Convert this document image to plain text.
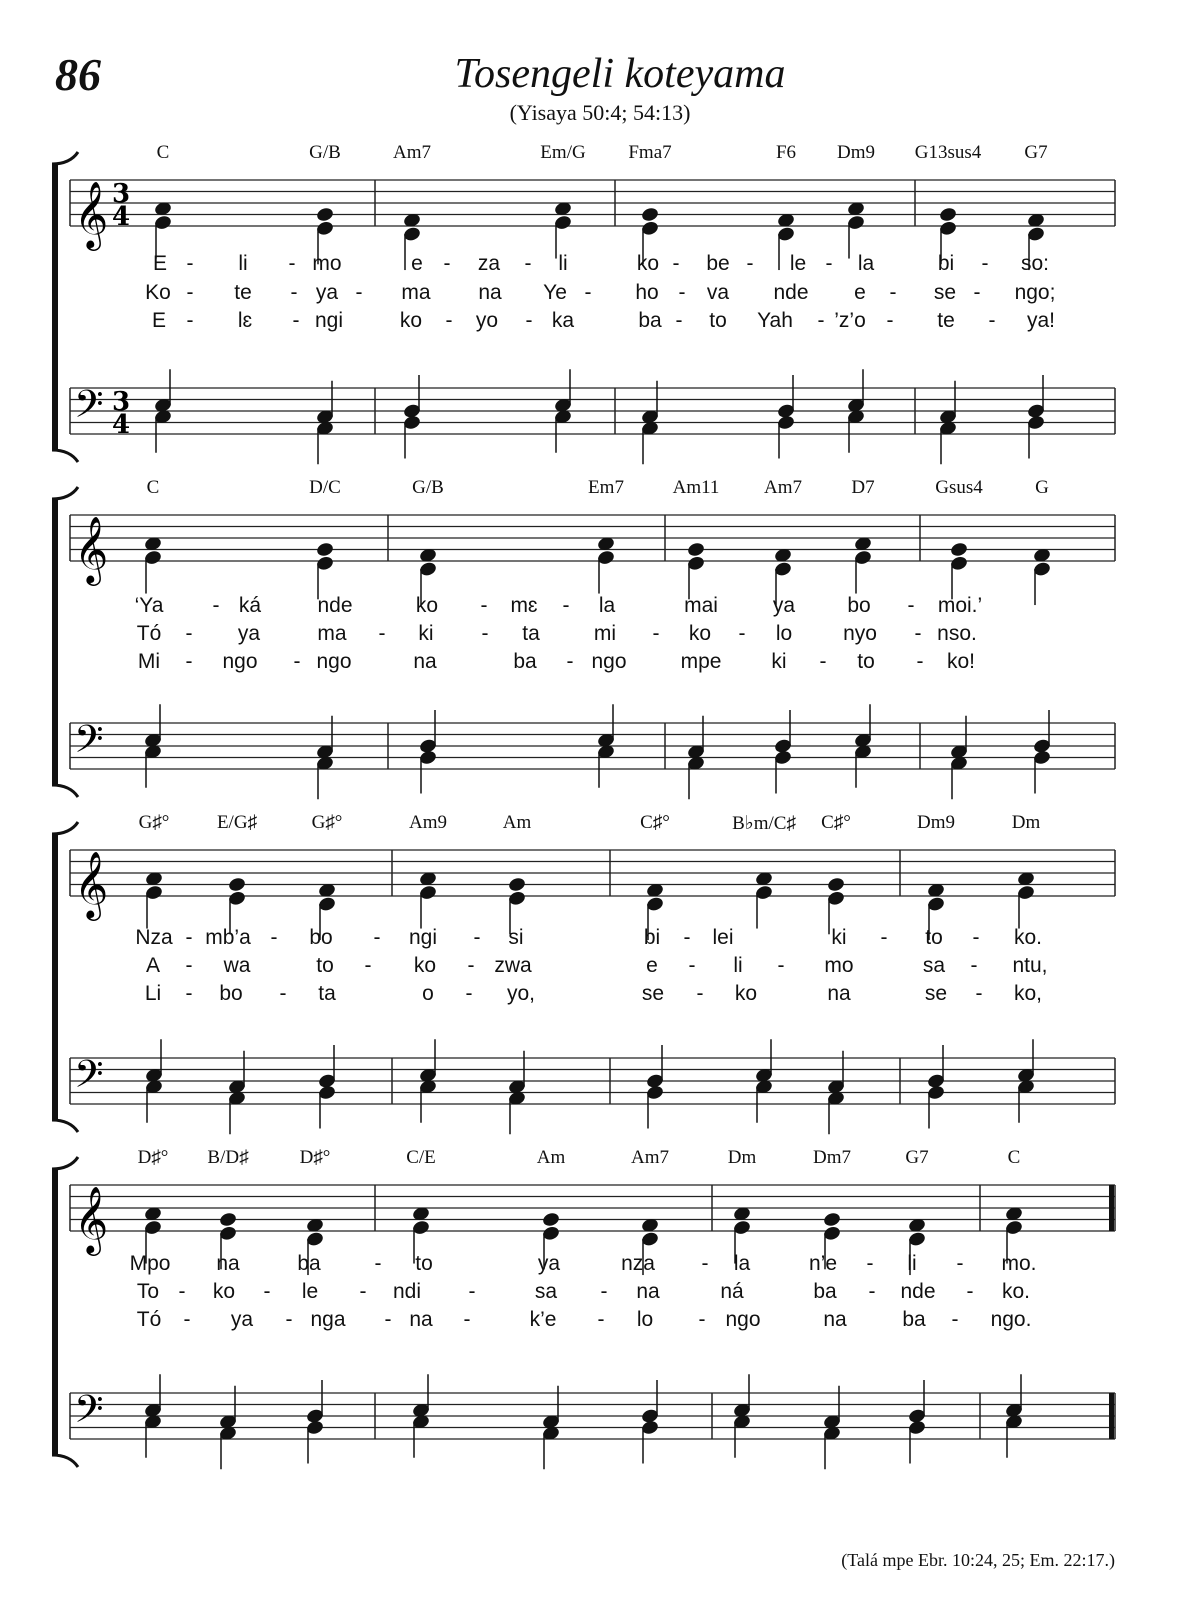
86	Tosengeli koteyama
(Yisaya 50:4; 54:13)
𝄞
𝄢
3
4
3
4
𝄞
𝄢
𝄞
𝄢
𝄞
𝄢
C	G/B	Am7	Em/G Fma7	F6 Dm9 G13sus4 G7
E - li - mo	e - za - li	ko - be - le - la	bi - so:
Ko - te - ya - ma na Ye - ho - va nde e - se - ngo;
E - lɛ - ngi	ko - yo - ka	ba - to Yah - ’z’o - te - ya!
C	D/C	G/B	Em7	Am11 Am7	D7	Gsus4	G
‘Ya - ká	nde	ko - mɛ - la	mai	ya bo - moi.’
Tó - ya	ma - ki - ta	mi - ko - lo nyo - nso.
Mi - ngo - ngo	na	ba - ngo	mpe ki - to - ko!
G♯°	E/G♯	G♯°	Am9	Am	C♯°	B♭m/C♯ C♯°	Dm9	Dm
Nza - mb’a - bo - ngi - si	bi - lei	ki - to - ko.
A - wa	to - ko - zwa	e - li - mo	sa - ntu,
Li - bo - ta	o - yo,	se - ko	na	se - ko,
D♯° B/D♯	D♯°	C/E	Am	Am7	Dm	Dm7	G7	C
Mpo na	ba	- to	ya	nza - la	n’e - li - mo.
To - ko - le - ndi -	sa - na	ná	ba - nde - ko.
Tó - ya - nga - na -	k’e - lo - ngo	na	ba - ngo.
(Talá mpe Ebr. 10:24, 25; Em. 22:17.)
